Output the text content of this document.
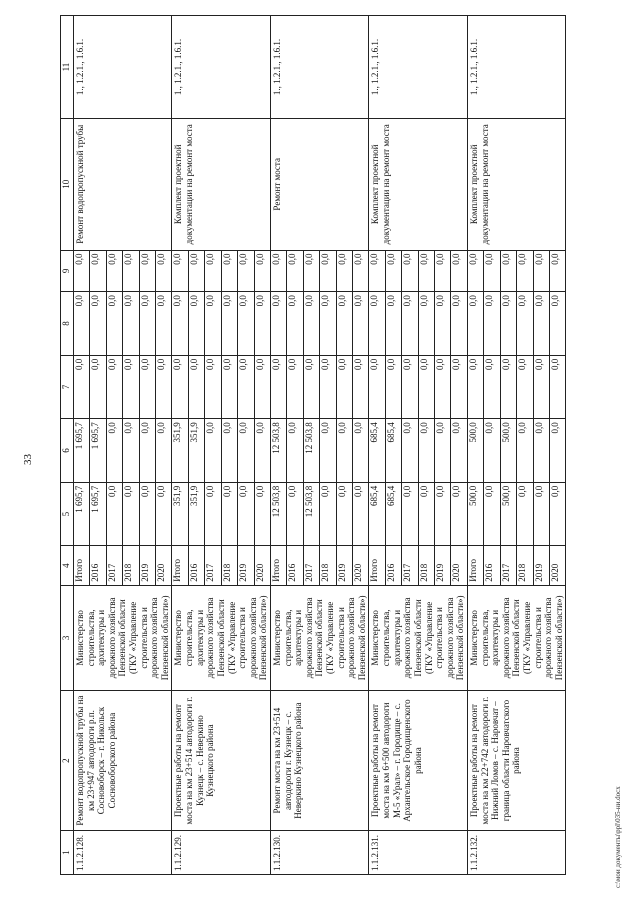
33
1	2	3	4	5	6	7	8	9	10	11
1.1.2.128.	Ремонт водопропускной трубы на км 23+947 автодороги р.п. Сосновоборск – г. Никольск Сосновоборского района	Министерство строительства, архитектуры и дорожного хозяйства Пензенской области (ГКУ «Управление строительства и дорожного хозяйства Пензенской области»)	Итого	1 695,7	1 695,7	0,0	0,0	0,0	Ремонт водопропускной трубы	1., 1.2.1., 1.6.1.
			2016	1 695,7	1 695,7	0,0	0,0	0,0		
			2017	0,0	0,0	0,0	0,0	0,0		
			2018	0,0	0,0	0,0	0,0	0,0		
			2019	0,0	0,0	0,0	0,0	0,0		
			2020	0,0	0,0	0,0	0,0	0,0		
1.1.2.129.	Проектные работы на ремонт моста на км 23+514 автодороги г. Кузнецк – с. Неверкино Кузнецкого района	Министерство строительства, архитектуры и дорожного хозяйства Пензенской области (ГКУ «Управление строительства и дорожного хозяйства Пензенской области»)	Итого	351,9	351,9	0,0	0,0	0,0	Комплект проектной документации на ремонт моста	1., 1.2.1., 1.6.1.
			2016	351,9	351,9	0,0	0,0	0,0		
			2017	0,0	0,0	0,0	0,0	0,0		
			2018	0,0	0,0	0,0	0,0	0,0		
			2019	0,0	0,0	0,0	0,0	0,0		
			2020	0,0	0,0	0,0	0,0	0,0		
1.1.2.130.	Ремонт моста на км 23+514 автодороги г. Кузнецк – с. Неверкино Кузнецкого района	Министерство строительства, архитектуры и дорожного хозяйства Пензенской области (ГКУ «Управление строительства и дорожного хозяйства Пензенской области»)	Итого	12 503,8	12 503,8	0,0	0,0	0,0	Ремонт моста	1., 1.2.1., 1.6.1.
			2016	0,0	0,0	0,0	0,0	0,0		
			2017	12 503,8	12 503,8	0,0	0,0	0,0		
			2018	0,0	0,0	0,0	0,0	0,0		
			2019	0,0	0,0	0,0	0,0	0,0		
			2020	0,0	0,0	0,0	0,0	0,0		
1.1.2.131.	Проектные работы на ремонт моста на км 6+500 автодороги М-5 «Урал» – г. Городище – с. Архангельское Городищенского района	Министерство строительства, архитектуры и дорожного хозяйства Пензенской области (ГКУ «Управление строительства и дорожного хозяйства Пензенской области»)	Итого	685,4	685,4	0,0	0,0	0,0	Комплект проектной документации на ремонт моста	1., 1.2.1., 1.6.1.
			2016	685,4	685,4	0,0	0,0	0,0		
			2017	0,0	0,0	0,0	0,0	0,0		
			2018	0,0	0,0	0,0	0,0	0,0		
			2019	0,0	0,0	0,0	0,0	0,0		
			2020	0,0	0,0	0,0	0,0	0,0		
1.1.2.132.	Проектные работы на ремонт моста на км 22+742 автодороги г. Нижний Ломов – с. Наровчат – граница области Наровчатского района	Министерство строительства, архитектуры и дорожного хозяйства Пензенской области (ГКУ «Управление строительства и дорожного хозяйства Пензенской области»)	Итого	500,0	500,0	0,0	0,0	0,0	Комплект проектной документации на ремонт моста	1., 1.2.1., 1.6.1.
			2016	0,0	0,0	0,0	0,0	0,0		
			2017	500,0	500,0	0,0	0,0	0,0		
			2018	0,0	0,0	0,0	0,0	0,0		
			2019	0,0	0,0	0,0	0,0	0,0		
			2020	0,0	0,0	0,0	0,0	0,0		
c:\мои документы\ppl\035-ни.docx
